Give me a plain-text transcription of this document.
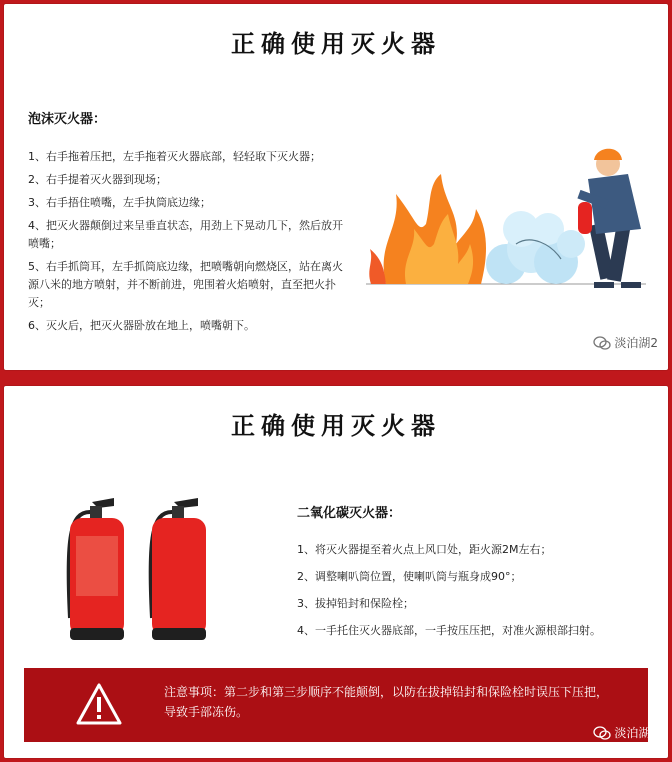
正确使用灭火器
泡沫灭火器：
1、右手拖着压把，左手拖着灭火器底部，轻轻取下灭火器；
2、右手提着灭火器到现场；
3、右手捂住喷嘴，左手执筒底边缘；
4、把灭火器颠倒过来呈垂直状态，用劲上下晃动几下，然后放开喷嘴；
5、右手抓筒耳，左手抓筒底边缘，把喷嘴朝向燃烧区，站在离火源八米的地方喷射，并不断前进，兜围着火焰喷射，直至把火扑灭；
6、灭火后，把灭火器卧放在地上，喷嘴朝下。
淡泊湖2
正确使用灭火器
二氧化碳灭火器：
1、将灭火器提至着火点上风口处，距火源2M左右；
2、调整喇叭筒位置，使喇叭筒与瓶身成90°；
3、拔掉铅封和保险栓；
4、一手托住灭火器底部，一手按压压把，对准火源根部扫射。
注意事项：第二步和第三步顺序不能颠倒，以防在拔掉铅封和保险栓时误压下压把，导致手部冻伤。
淡泊湖2
